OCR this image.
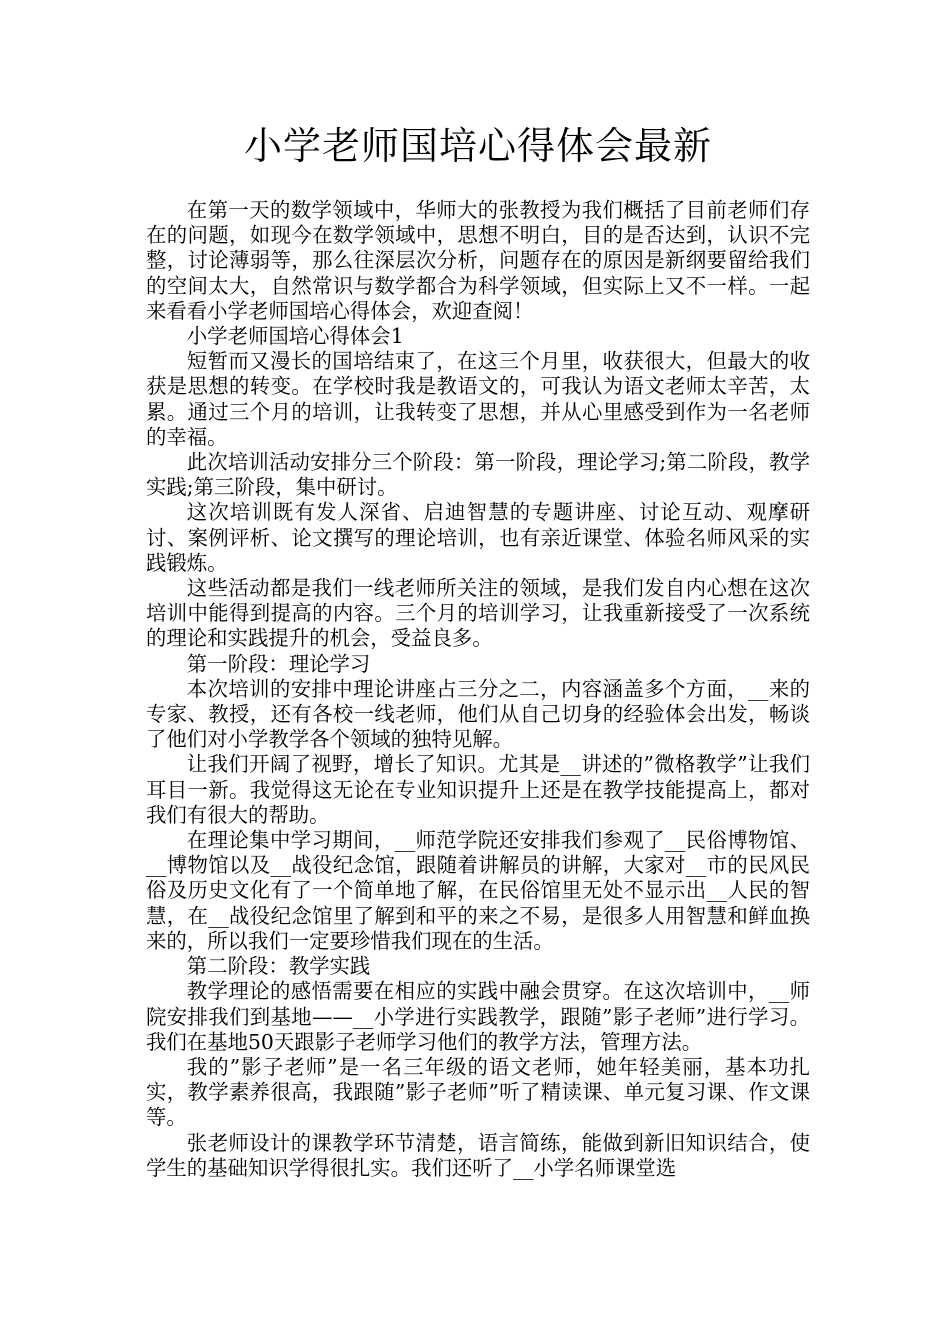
小学老师国培心得体会最新

在第一天的数学领域中，华师大的张教授为我们概括了目前老师们存在的问题，如现今在数学领域中，思想不明白，目的是否达到，认识不完整，讨论薄弱等，那么往深层次分析，问题存在的原因是新纲要留给我们的空间太大，自然常识与数学都合为科学领域，但实际上又不一样。一起来看看小学老师国培心得体会，欢迎查阅！

小学老师国培心得体会1

短暂而又漫长的国培结束了，在这三个月里，收获很大，但最大的收获是思想的转变。在学校时我是教语文的，可我认为语文老师太辛苦，太累。通过三个月的培训，让我转变了思想，并从心里感受到作为一名老师的幸福。

此次培训活动安排分三个阶段：第一阶段，理论学习;第二阶段，教学实践;第三阶段，集中研讨。

这次培训既有发人深省、启迪智慧的专题讲座、讨论互动、观摩研讨、案例评析、论文撰写的理论培训，也有亲近课堂、体验名师风采的实践锻炼。

这些活动都是我们一线老师所关注的领域，是我们发自内心想在这次培训中能得到提高的内容。三个月的培训学习，让我重新接受了一次系统的理论和实践提升的机会，受益良多。

第一阶段：理论学习

本次培训的安排中理论讲座占三分之二，内容涵盖多个方面，__来的专家、教授，还有各校一线老师，他们从自己切身的经验体会出发，畅谈了他们对小学教学各个领域的独特见解。

让我们开阔了视野，增长了知识。尤其是__讲述的”微格教学”让我们耳目一新。我觉得这无论在专业知识提升上还是在教学技能提高上，都对我们有很大的帮助。

在理论集中学习期间，__师范学院还安排我们参观了__民俗博物馆、__博物馆以及__战役纪念馆，跟随着讲解员的讲解，大家对__市的民风民俗及历史文化有了一个简单地了解，在民俗馆里无处不显示出__人民的智慧，在__战役纪念馆里了解到和平的来之不易，是很多人用智慧和鲜血换来的，所以我们一定要珍惜我们现在的生活。

第二阶段：教学实践

教学理论的感悟需要在相应的实践中融会贯穿。在这次培训中，__师院安排我们到基地——__小学进行实践教学，跟随”影子老师”进行学习。我们在基地50天跟影子老师学习他们的教学方法，管理方法。

我的”影子老师”是一名三年级的语文老师，她年轻美丽，基本功扎实，教学素养很高，我跟随”影子老师”听了精读课、单元复习课、作文课等。

张老师设计的课教学环节清楚，语言简练，能做到新旧知识结合，使学生的基础知识学得很扎实。我们还听了__小学名师课堂选
